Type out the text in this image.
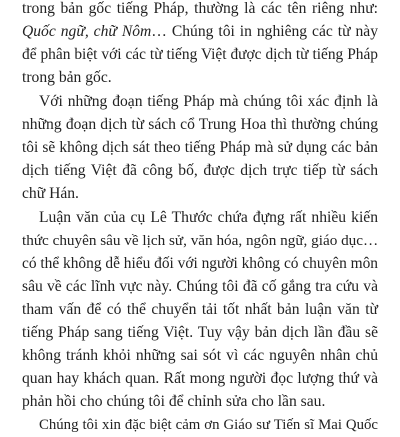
trong bản gốc tiếng Pháp, thường là các tên riêng như:
Quốc ngữ, chữ Nôm… Chúng tôi in nghiêng các từ này
để phân biệt với các từ tiếng Việt được dịch từ tiếng Pháp
trong bản gốc.
Với những đoạn tiếng Pháp mà chúng tôi xác định là
những đoạn dịch từ sách cổ Trung Hoa thì thường chúng
tôi sẽ không dịch sát theo tiếng Pháp mà sử dụng các bản
dịch tiếng Việt đã công bố, được dịch trực tiếp từ sách
chữ Hán.
Luận văn của cụ Lê Thước chứa đựng rất nhiều kiến
thức chuyên sâu về lịch sử, văn hóa, ngôn ngữ, giáo dục…
có thể không dễ hiểu đối với người không có chuyên môn
sâu về các lĩnh vực này. Chúng tôi đã cố gắng tra cứu và
tham vấn để có thể chuyển tải tốt nhất bản luận văn từ
tiếng Pháp sang tiếng Việt. Tuy vậy bản dịch lần đầu sẽ
không tránh khỏi những sai sót vì các nguyên nhân chủ
quan hay khách quan. Rất mong người đọc lượng thứ và
phản hồi cho chúng tôi để chỉnh sửa cho lần sau.
Chúng tôi xin đặc biệt cảm ơn Giáo sư Tiến sĩ Mai Quốc
